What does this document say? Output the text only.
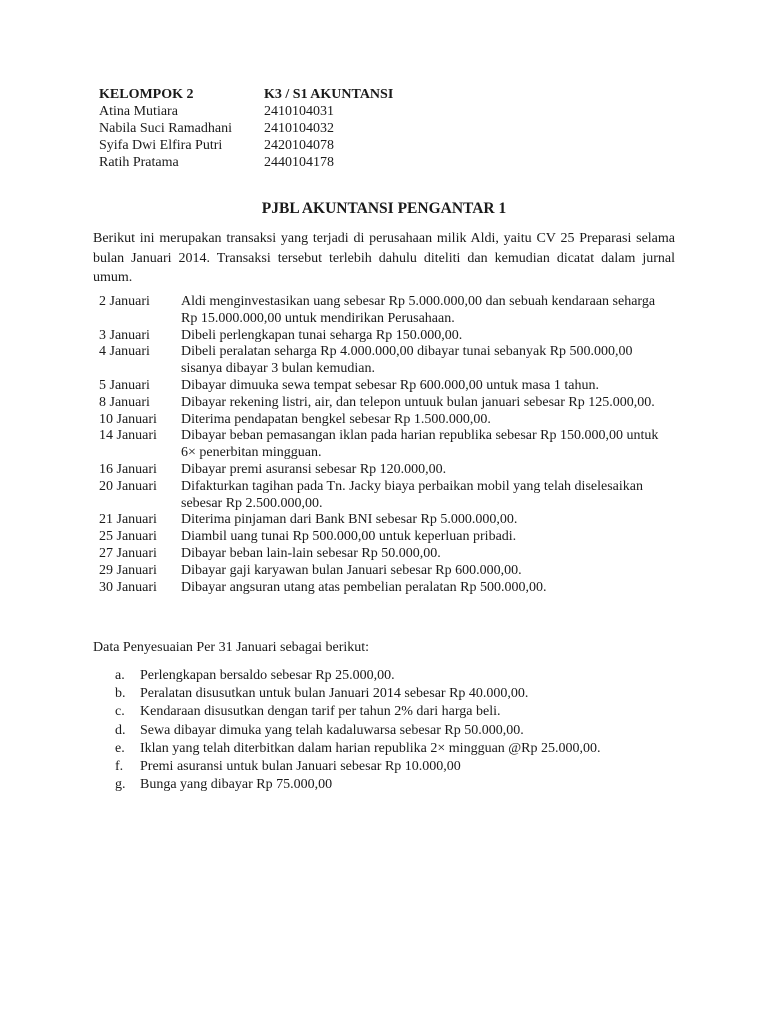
KELOMPOK 2	K3 / S1 AKUNTANSI
Atina Mutiara	2410104031
Nabila Suci Ramadhani	2410104032
Syifa Dwi Elfira Putri	2420104078
Ratih Pratama	2440104178
PJBL AKUNTANSI PENGANTAR 1
Berikut ini merupakan transaksi yang terjadi di perusahaan milik Aldi, yaitu CV 25 Preparasi selama bulan Januari 2014. Transaksi tersebut terlebih dahulu diteliti dan kemudian dicatat dalam jurnal umum.
2 Januari	Aldi menginvestasikan uang sebesar Rp 5.000.000,00 dan sebuah kendaraan seharga Rp 15.000.000,00 untuk mendirikan Perusahaan.
3 Januari	Dibeli perlengkapan tunai seharga Rp 150.000,00.
4 Januari	Dibeli peralatan seharga Rp 4.000.000,00 dibayar tunai sebanyak Rp 500.000,00 sisanya dibayar 3 bulan kemudian.
5 Januari	Dibayar dimuuka sewa tempat sebesar Rp 600.000,00 untuk masa 1 tahun.
8 Januari	Dibayar rekening listri, air, dan telepon untuuk bulan januari sebesar Rp 125.000,00.
10 Januari	Diterima pendapatan bengkel sebesar Rp 1.500.000,00.
14 Januari	Dibayar beban pemasangan iklan pada harian republika sebesar Rp 150.000,00 untuk 6× penerbitan mingguan.
16 Januari	Dibayar premi asuransi sebesar Rp 120.000,00.
20 Januari	Difakturkan tagihan pada Tn. Jacky biaya perbaikan mobil yang telah diselesaikan sebesar Rp 2.500.000,00.
21 Januari	Diterima pinjaman dari Bank BNI sebesar Rp 5.000.000,00.
25 Januari	Diambil uang tunai Rp 500.000,00 untuk keperluan pribadi.
27 Januari	Dibayar beban lain-lain sebesar Rp 50.000,00.
29 Januari	Dibayar gaji karyawan bulan Januari sebesar Rp 600.000,00.
30 Januari	Dibayar angsuran utang atas pembelian peralatan Rp 500.000,00.
Data Penyesuaian Per 31 Januari sebagai berikut:
a.	Perlengkapan bersaldo sebesar Rp 25.000,00.
b.	Peralatan disusutkan untuk bulan Januari 2014 sebesar Rp 40.000,00.
c.	Kendaraan disusutkan dengan tarif per tahun 2% dari harga beli.
d.	Sewa dibayar dimuka yang telah kadaluwarsa sebesar Rp 50.000,00.
e.	Iklan yang telah diterbitkan dalam harian republika 2× mingguan @Rp 25.000,00.
f.	Premi asuransi untuk bulan Januari sebesar Rp 10.000,00
g.	Bunga yang dibayar Rp 75.000,00
